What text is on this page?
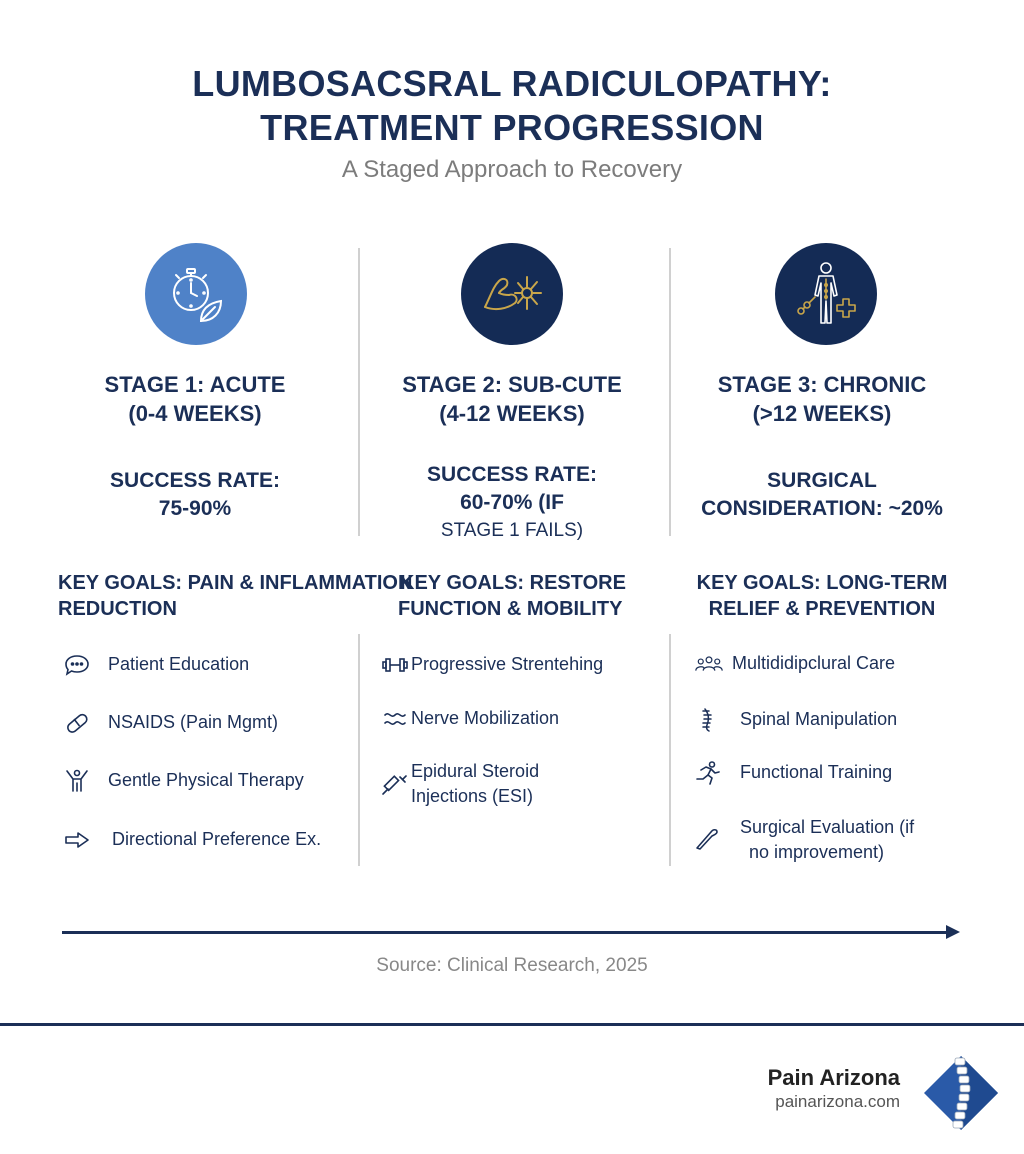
LUMBOSACSRAL RADICULOPATHY:
TREATMENT PROGRESSION
A Staged Approach to Recovery
STAGE 1: ACUTE
(0-4 WEEKS)
STAGE 2: SUB-CUTE
(4-12 WEEKS)
STAGE 3: CHRONIC
(>12 WEEKS)
SUCCESS RATE:
75-90%
SUCCESS RATE:
60-70% (IF
STAGE 1 FAILS)
SURGICAL
CONSIDERATION: ~20%
KEY GOALS: PAIN & INFLAMMATION
REDUCTION
KEY GOALS: RESTORE
FUNCTION & MOBILITY
KEY GOALS: LONG-TERM
RELIEF & PREVENTION
Patient Education
NSAIDS (Pain Mgmt)
Gentle Physical Therapy
Directional Preference Ex.
Progressive Strentehing
Nerve Mobilization
Epidural Steroid
Injections (ESI)
Multididipclural Care
Spinal Manipulation
Functional Training
Surgical Evaluation (if
no improvement)
Source: Clinical Research, 2025
Pain Arizona
painarizona.com
